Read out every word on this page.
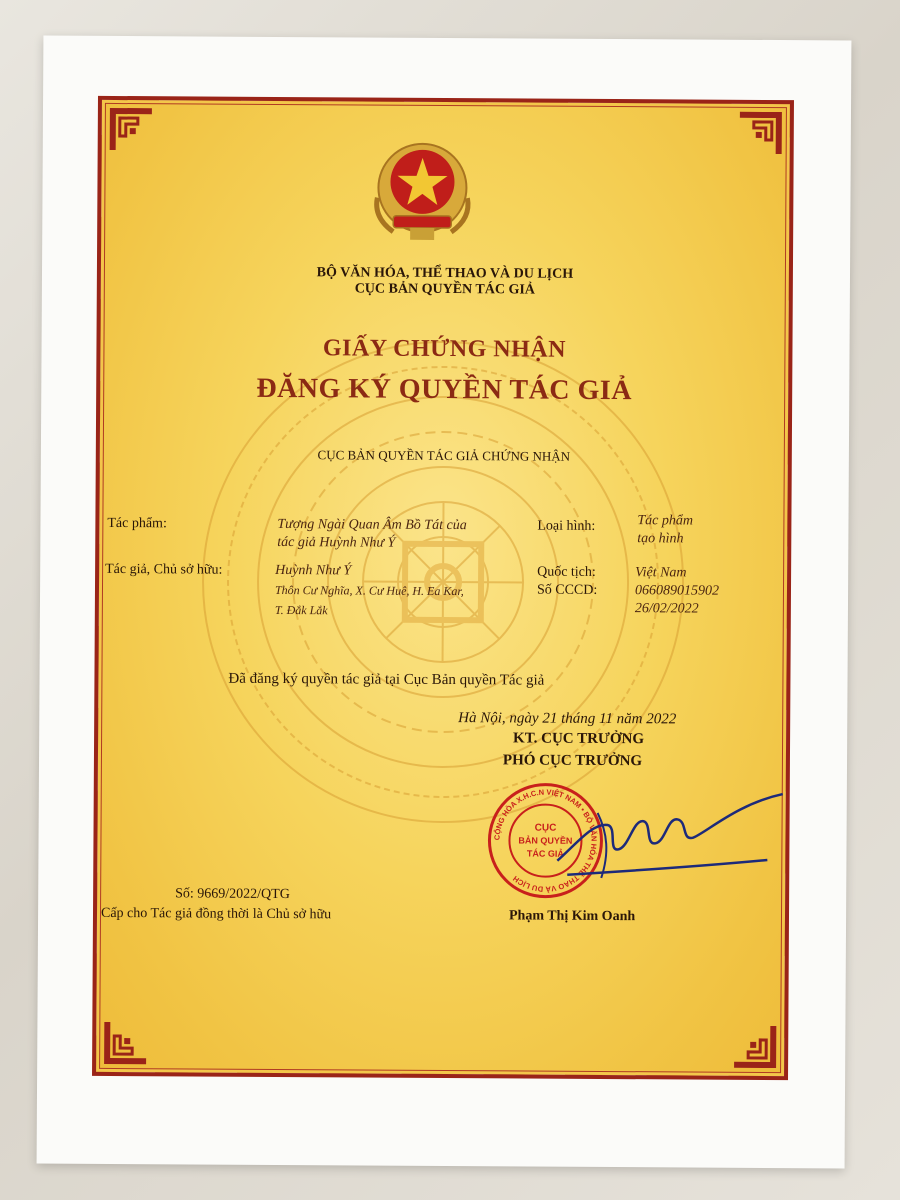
BỘ VĂN HÓA, THỂ THAO VÀ DU LỊCH

CỤC BẢN QUYỀN TÁC GIẢ

GIẤY CHỨNG NHẬN
ĐĂNG KÝ QUYỀN TÁC GIẢ

CỤC BẢN QUYỀN TÁC GIẢ CHỨNG NHẬN

Tác phẩm:	Tượng Ngài Quan Âm Bồ Tát của
tác giả Huỳnh Như Ý
Loại hình:	Tác phẩm
tạo hình
Tác giả, Chủ sở hữu:	Huỳnh Như Ý
Thôn Cư Nghĩa, X. Cư Huê, H. Ea Kar,
T. Đắk Lắk
Quốc tịch:	Việt Nam
Số CCCD:	066089015902
26/02/2022

Đã đăng ký quyền tác giả tại Cục Bản quyền Tác giả

Hà Nội, ngày 21 tháng 11 năm 2022

KT. CỤC TRƯỞNG

PHÓ CỤC TRƯỞNG

CỘNG HÒA X.H.C.N VIỆT NAM • BỘ VĂN HÓA THỂ THAO VÀ DU LỊCH
CỤC
BẢN QUYỀN
TÁC GIẢ

Số: 9669/2022/QTG

Cấp cho Tác giả đồng thời là Chủ sở hữu	Phạm Thị Kim Oanh
